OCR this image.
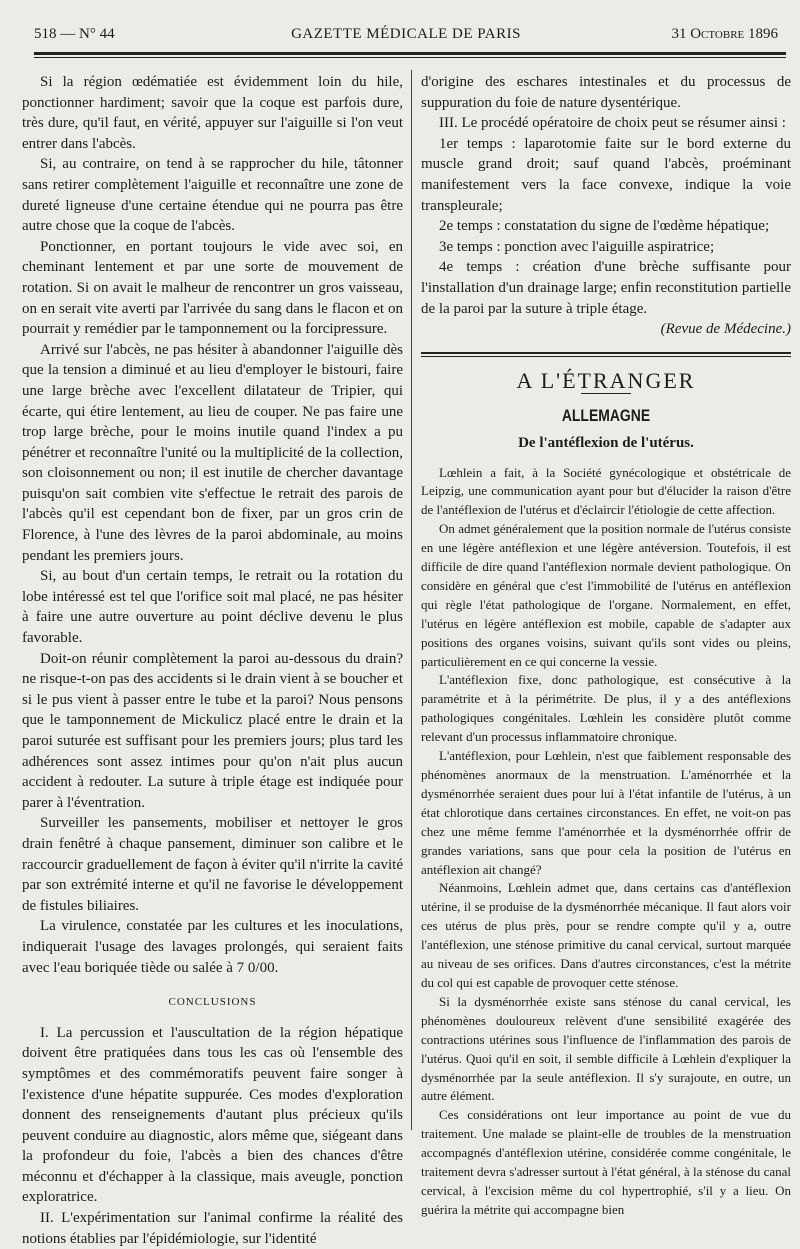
518 — N° 44	GAZETTE MÉDICALE DE PARIS	31 Octobre 1896

Si la région œdématiée est évidemment loin du hile, ponctionner hardiment; savoir que la coque est parfois dure, très dure, qu'il faut, en vérité, appuyer sur l'aiguille si l'on veut entrer dans l'abcès.

Si, au contraire, on tend à se rapprocher du hile, tâtonner sans retirer complètement l'aiguille et reconnaître une zone de dureté ligneuse d'une certaine étendue qui ne pourra pas être autre chose que la coque de l'abcès.

Ponctionner, en portant toujours le vide avec soi, en cheminant lentement et par une sorte de mouvement de rotation. Si on avait le malheur de rencontrer un gros vaisseau, on en serait vite averti par l'arrivée du sang dans le flacon et on pourrait y remédier par le tamponnement ou la forcipressure.

Arrivé sur l'abcès, ne pas hésiter à abandonner l'aiguille dès que la tension a diminué et au lieu d'employer le bistouri, faire une large brèche avec l'excellent dilatateur de Tripier, qui écarte, qui étire lentement, au lieu de couper. Ne pas faire une trop large brèche, pour le moins inutile quand l'index a pu pénétrer et reconnaître l'unité ou la multiplicité de la collection, son cloisonnement ou non; il est inutile de chercher davantage puisqu'on sait combien vite s'effectue le retrait des parois de l'abcès qu'il est cependant bon de fixer, par un gros crin de Florence, à l'une des lèvres de la paroi abdominale, au moins pendant les premiers jours.

Si, au bout d'un certain temps, le retrait ou la rotation du lobe intéressé est tel que l'orifice soit mal placé, ne pas hésiter à faire une autre ouverture au point déclive devenu le plus favorable.

Doit-on réunir complètement la paroi au-dessous du drain? ne risque-t-on pas des accidents si le drain vient à se boucher et si le pus vient à passer entre le tube et la paroi? Nous pensons que le tamponnement de Mickulicz placé entre le drain et la paroi suturée est suffisant pour les premiers jours; plus tard les adhérences sont assez intimes pour qu'on n'ait plus aucun accident à redouter. La suture à triple étage est indiquée pour parer à l'éventration.

Surveiller les pansements, mobiliser et nettoyer le gros drain fenêtré à chaque pansement, diminuer son calibre et le raccourcir graduellement de façon à éviter qu'il n'irrite la cavité par son extrémité interne et qu'il ne favorise le développement de fistules biliaires.

La virulence, constatée par les cultures et les inoculations, indiquerait l'usage des lavages prolongés, qui seraient faits avec l'eau boriquée tiède ou salée à 7 0/00.

CONCLUSIONS

I. La percussion et l'auscultation de la région hépatique doivent être pratiquées dans tous les cas où l'ensemble des symptômes et des commémoratifs peuvent faire songer à l'existence d'une hépatite suppurée. Ces modes d'exploration donnent des renseignements d'autant plus précieux qu'ils peuvent conduire au diagnostic, alors même que, siégeant dans la profondeur du foie, l'abcès a bien des chances d'être méconnu et d'échapper à la classique, mais aveugle, ponction exploratrice.

II. L'expérimentation sur l'animal confirme la réalité des notions établies par l'épidémiologie, sur l'identité

d'origine des eschares intestinales et du processus de suppuration du foie de nature dysentérique.

III. Le procédé opératoire de choix peut se résumer ainsi :

1er temps : laparotomie faite sur le bord externe du muscle grand droit; sauf quand l'abcès, proéminant manifestement vers la face convexe, indique la voie transpleurale;

2e temps : constatation du signe de l'œdème hépatique;

3e temps : ponction avec l'aiguille aspiratrice;

4e temps : création d'une brèche suffisante pour l'installation d'un drainage large; enfin reconstitution partielle de la paroi par la suture à triple étage.

(Revue de Médecine.)

A L'ÉTRANGER

ALLEMAGNE

De l'antéflexion de l'utérus.

Lœhlein a fait, à la Société gynécologique et obstétricale de Leipzig, une communication ayant pour but d'élucider la raison d'être de l'antéflexion de l'utérus et d'éclaircir l'étiologie de cette affection.

On admet généralement que la position normale de l'utérus consiste en une légère antéflexion et une légère antéversion. Toutefois, il est difficile de dire quand l'antéflexion normale devient pathologique. On considère en général que c'est l'immobilité de l'utérus en antéflexion qui règle l'état pathologique de l'organe. Normalement, en effet, l'utérus en légère antéflexion est mobile, capable de s'adapter aux positions des organes voisins, suivant qu'ils sont vides ou pleins, particulièrement en ce qui concerne la vessie.

L'antéflexion fixe, donc pathologique, est consécutive à la paramétrite et à la périmétrite. De plus, il y a des antéflexions pathologiques congénitales. Lœhlein les considère plutôt comme relevant d'un processus inflammatoire chronique.

L'antéflexion, pour Lœhlein, n'est que faiblement responsable des phénomènes anormaux de la menstruation. L'aménorrhée et la dysménorrhée seraient dues pour lui à l'état infantile de l'utérus, à un état chlorotique dans certaines circonstances. En effet, ne voit-on pas chez une même femme l'aménorrhée et la dysménorrhée offrir de grandes variations, sans que pour cela la position de l'utérus en antéflexion ait changé?

Néanmoins, Lœhlein admet que, dans certains cas d'antéflexion utérine, il se produise de la dysménorrhée mécanique. Il faut alors voir ces utérus de plus près, pour se rendre compte qu'il y a, outre l'antéflexion, une sténose primitive du canal cervical, surtout marquée au niveau de ses orifices. Dans d'autres circonstances, c'est la métrite du col qui est capable de provoquer cette sténose.

Si la dysménorrhée existe sans sténose du canal cervical, les phénomènes douloureux relèvent d'une sensibilité exagérée des contractions utérines sous l'influence de l'inflammation des parois de l'utérus. Quoi qu'il en soit, il semble difficile à Lœhlein d'expliquer la dysménorrhée par la seule antéflexion. Il s'y surajoute, en outre, un autre élément.

Ces considérations ont leur importance au point de vue du traitement. Une malade se plaint-elle de troubles de la menstruation accompagnés d'antéflexion utérine, considérée comme congénitale, le traitement devra s'adresser surtout à l'état général, à la sténose du canal cervical, à l'excision même du col hypertrophié, s'il y a lieu. On guérira la métrite qui accompagne bien
